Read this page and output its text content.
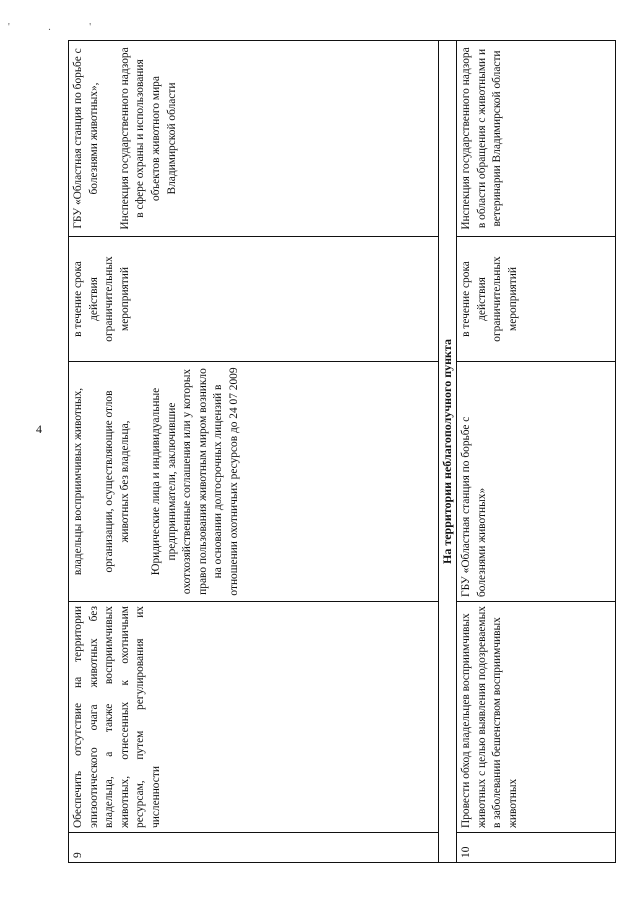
' . '
4
9	Обеспечить отсутствие на территории эпизоотического очага животных без владельца, а также восприимчивых животных, отнесенных к охотничьим ресурсам, путем регулирования их численности	владельцы восприимчивых животных, организации, осуществляющие отлов животных без владельца, Юридические лица и индивидуальные предприниматели, заключившие охотхозяйственные соглашения или у которых право пользования животным миром возникло на основании долгосрочных лицензий в отношении охотничьих ресурсов до 24 07 2009	в течение срока действия ограничительных мероприятий	ГБУ «Областная станция по борьбе с болезнями животных», Инспекция государственного надзора в сфере охраны и использования объектов животного мира Владимирской области

На территории неблагополучного пункта				
10	Провести обход владельцев восприимчивых животных с целью выявления подозреваемых в заболевании бешенством восприимчивых животных	ГБУ «Областная станция по борьбе с болезнями животных»	в течение срока действия ограничительных мероприятий	Инспекция государственного надзора в области обращения с животными и ветеринарии Владимирской области
